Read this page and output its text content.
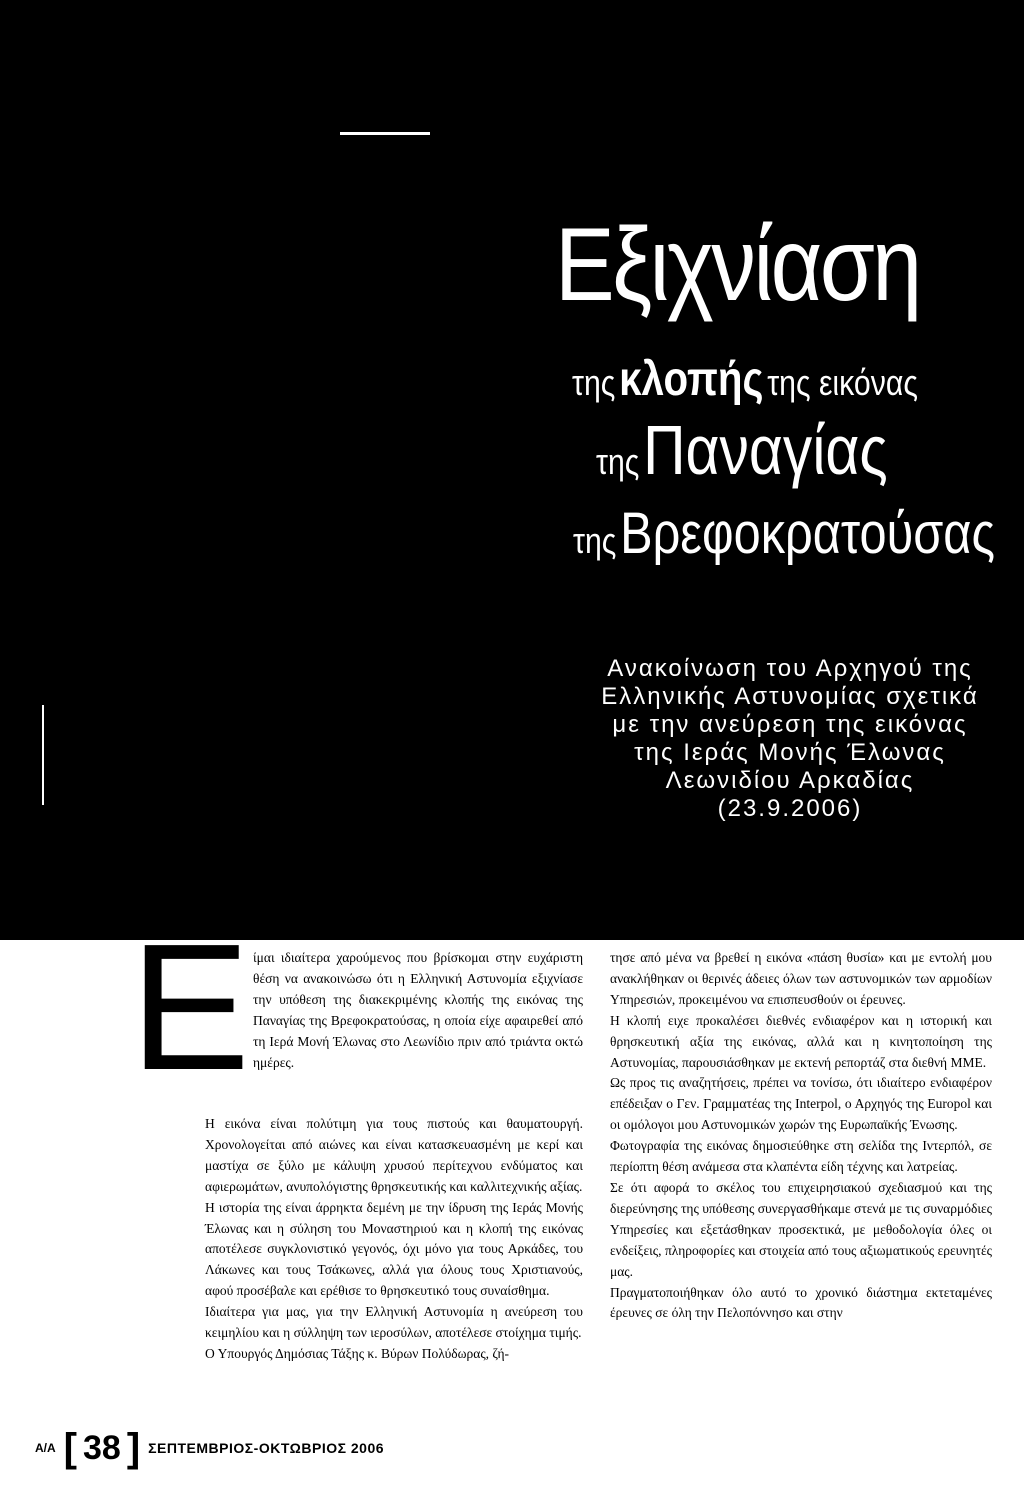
Εξιχνίαση
της κλοπής της εικόνας
της Παναγίας
της Βρεφοκρατούσας
Ανακοίνωση του Αρχηγού της
Ελληνικής Αστυνομίας σχετικά
με την ανεύρεση της εικόνας
της Ιεράς Μονής Έλωνας
Λεωνιδίου Αρκαδίας
(23.9.2006)
Ε ίμαι ιδιαίτερα χαρούμενος που βρίσκομαι στην ευχάριστη θέση να ανακοινώσω ότι η Ελληνική Αστυνομία εξιχνίασε την υπόθεση της διακεκριμένης κλοπής της εικόνας της Παναγίας της Βρεφοκρατούσας, η οποία είχε αφαιρεθεί από τη Ιερά Μονή Έλωνας στο Λεωνίδιο πριν από τριάντα οκτώ ημέρες.

Η εικόνα είναι πολύτιμη για τους πιστούς και θαυματουργή. Χρονολογείται από αιώνες και είναι κατασκευασμένη με κερί και μαστίχα σε ξύλο με κάλυψη χρυσού περίτεχνου ενδύματος και αφιερωμάτων, ανυπολόγιστης θρησκευτικής και καλλιτεχνικής αξίας.

Η ιστορία της είναι άρρηκτα δεμένη με την ίδρυση της Ιεράς Μονής Έλωνας και η σύληση του Μοναστηριού και η κλοπή της εικόνας αποτέλεσε συγκλονιστικό γεγονός, όχι μόνο για τους Αρκάδες, του Λάκωνες και τους Τσάκωνες, αλλά για όλους τους Χριστιανούς, αφού προσέβαλε και ερέθισε το θρησκευτικό τους συναίσθημα.

Ιδιαίτερα για μας, για την Ελληνική Αστυνομία η ανεύρεση του κειμηλίου και η σύλληψη των ιεροσύλων, αποτέλεσε στοίχημα τιμής.

Ο Υπουργός Δημόσιας Τάξης κ. Βύρων Πολύδωρας, ζή-

τησε από μένα να βρεθεί η εικόνα «πάση θυσία» και με εντολή μου ανακλήθηκαν οι θερινές άδειες όλων των αστυνομικών των αρμοδίων Υπηρεσιών, προκειμένου να επισπευσθούν οι έρευνες.

Η κλοπή ειχε προκαλέσει διεθνές ενδιαφέρον και η ιστορική και θρησκευτική αξία της εικόνας, αλλά και η κινητοποίηση της Αστυνομίας, παρουσιάσθηκαν με εκτενή ρεπορτάζ στα διεθνή ΜΜΕ.

Ως προς τις αναζητήσεις, πρέπει να τονίσω, ότι ιδιαίτερο ενδιαφέρον επέδειξαν ο Γεν. Γραμματέας της Interpol, ο Αρχηγός της Europol και οι ομόλογοι μου Αστυνομικών χωρών της Ευρωπαϊκής Ένωσης.

Φωτογραφία της εικόνας δημοσιεύθηκε στη σελίδα της Ιντερπόλ, σε περίοπτη θέση ανάμεσα στα κλαπέντα είδη τέχνης και λατρείας.

Σε ότι αφορά το σκέλος του επιχειρησιακού σχεδιασμού και της διερεύνησης της υπόθεσης συνεργασθήκαμε στενά με τις συναρμόδιες Υπηρεσίες και εξετάσθηκαν προσεκτικά, με μεθοδολογία όλες οι ενδείξεις, πληροφορίες και στοιχεία από τους αξιωματικούς ερευνητές μας.

Πραγματοποιήθηκαν όλο αυτό το χρονικό διάστημα εκτεταμένες έρευνες σε όλη την Πελοπόννησο και στην

Α/Α [ 38 ] ΣΕΠΤΕΜΒΡΙΟΣ-ΟΚΤΩΒΡΙΟΣ 2006
